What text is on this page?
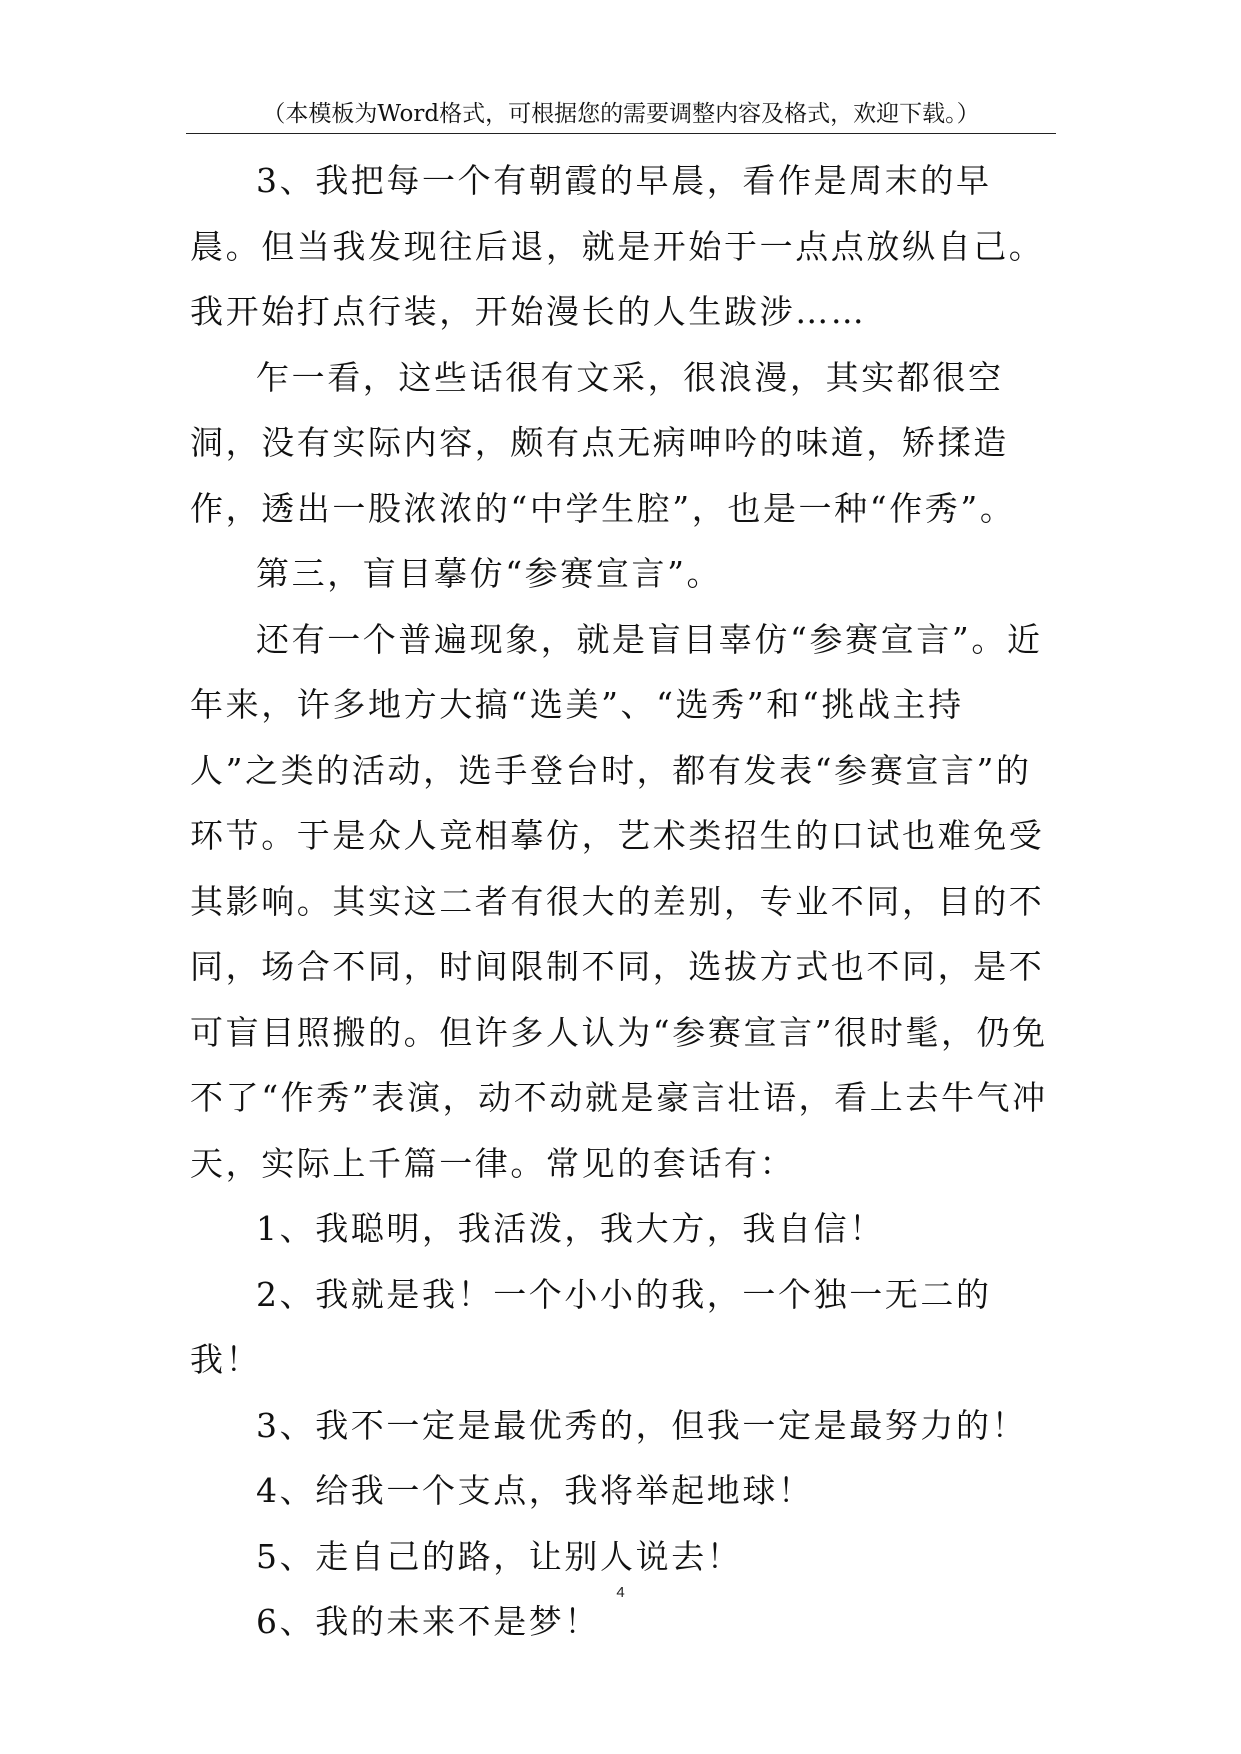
（本模板为Word格式，可根据您的需要调整内容及格式，欢迎下载。）

3、我把每一个有朝霞的早晨，看作是周末的早晨。但当我发现往后退，就是开始于一点点放纵自己。我开始打点行装，开始漫长的人生跋涉……

乍一看，这些话很有文采，很浪漫，其实都很空洞，没有实际内容，颇有点无病呻吟的味道，矫揉造作，透出一股浓浓的“中学生腔”，也是一种“作秀”。

第三，盲目摹仿“参赛宣言”。

还有一个普遍现象，就是盲目辜仿“参赛宣言”。近年来，许多地方大搞“选美”、“选秀”和“挑战主持人”之类的活动，选手登台时，都有发表“参赛宣言”的环节。于是众人竞相摹仿，艺术类招生的口试也难免受其影响。其实这二者有很大的差别，专业不同，目的不同，场合不同，时间限制不同，选拔方式也不同，是不可盲目照搬的。但许多人认为“参赛宣言”很时髦，仍免不了“作秀”表演，动不动就是豪言壮语，看上去牛气冲天，实际上千篇一律。常见的套话有：

1、我聪明，我活泼，我大方，我自信！

2、我就是我！一个小小的我，一个独一无二的我！

3、我不一定是最优秀的，但我一定是最努力的！

4、给我一个支点，我将举起地球！

5、走自己的路，让别人说去！

6、我的未来不是梦！

4
